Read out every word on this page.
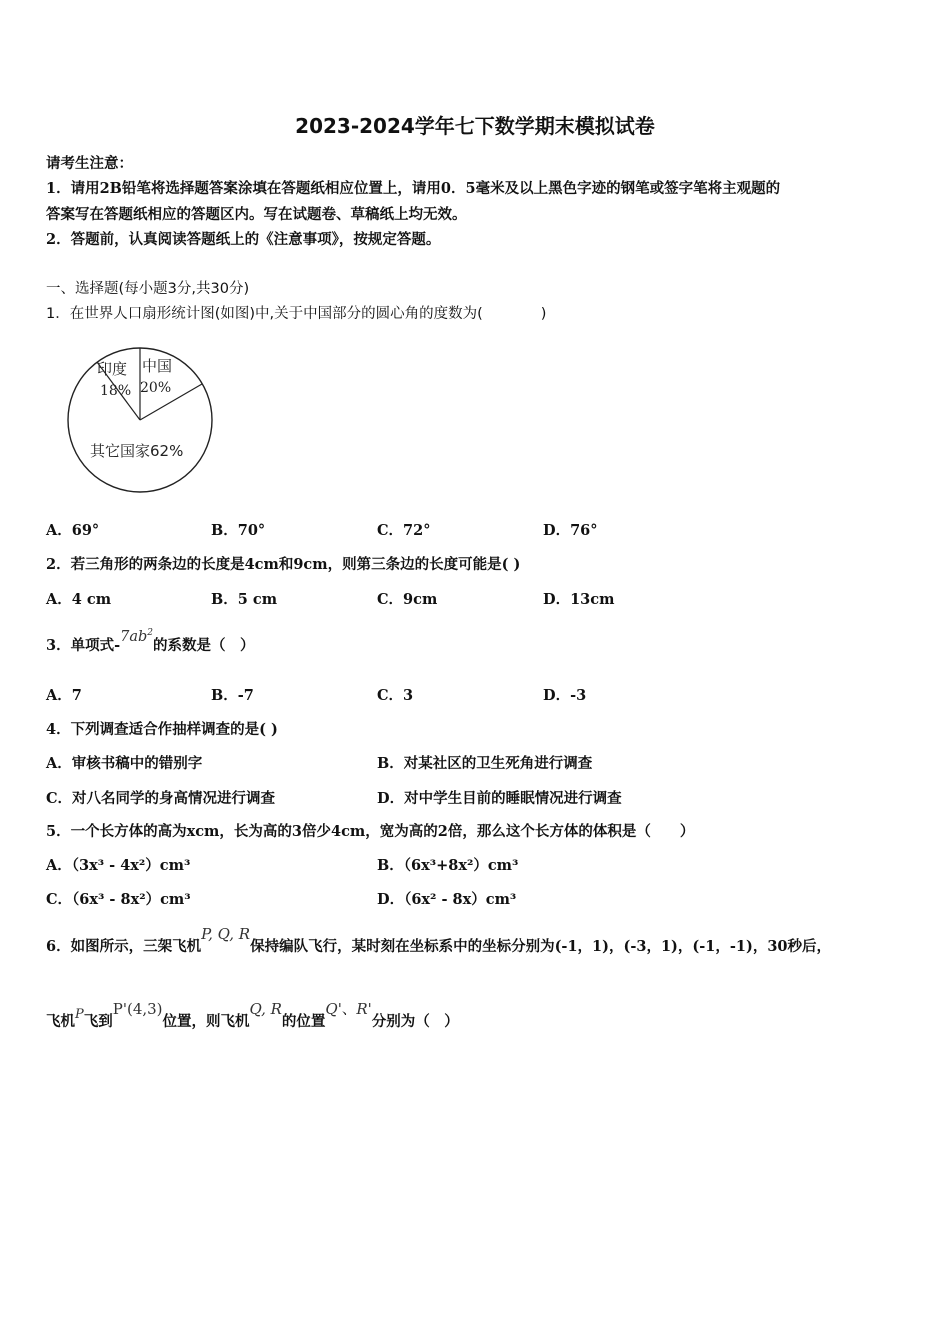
2023-2024学年七下数学期末模拟试卷
请考生注意：
1．请用2B铅笔将选择题答案涂填在答题纸相应位置上，请用0．5毫米及以上黑色字迹的钢笔或签字笔将主观题的
答案写在答题纸相应的答题区内。写在试题卷、草稿纸上均无效。
2．答题前，认真阅读答题纸上的《注意事项》，按规定答题。
一、选择题(每小题3分,共30分)
1．在世界人口扇形统计图(如图)中,关于中国部分的圆心角的度数为(　　　　)
印度
18%
中国
20%
其它国家62%
A．69°	B．70°	C．72°	D．76°
2．若三角形的两条边的长度是4cm和9cm，则第三条边的长度可能是( )
A．4 cm	B．5 cm	C．9cm	D．13cm
3．单项式$-7ab^2$的系数是（　）
A．7	B．-7	C．3	D．-3
4．下列调查适合作抽样调查的是( )
A．审核书稿中的错别字	B．对某社区的卫生死角进行调查
C．对八名同学的身高情况进行调查	D．对中学生目前的睡眠情况进行调查
5．一个长方体的高为xcm，长为高的3倍少4cm，宽为高的2倍，那么这个长方体的体积是（　　）
A．（3x³ - 4x²）cm³	B．（6x³+8x²）cm³
C．（6x³ - 8x²）cm³	D．（6x² - 8x）cm³
6．如图所示，三架飞机P, Q, R保持编队飞行，某时刻在坐标系中的坐标分别为(-1，1)，(-3，1)，(-1，-1)，30秒后，
飞机P飞到P'(4,3)位置，则飞机Q, R的位置Q'、R'分别为（　）
